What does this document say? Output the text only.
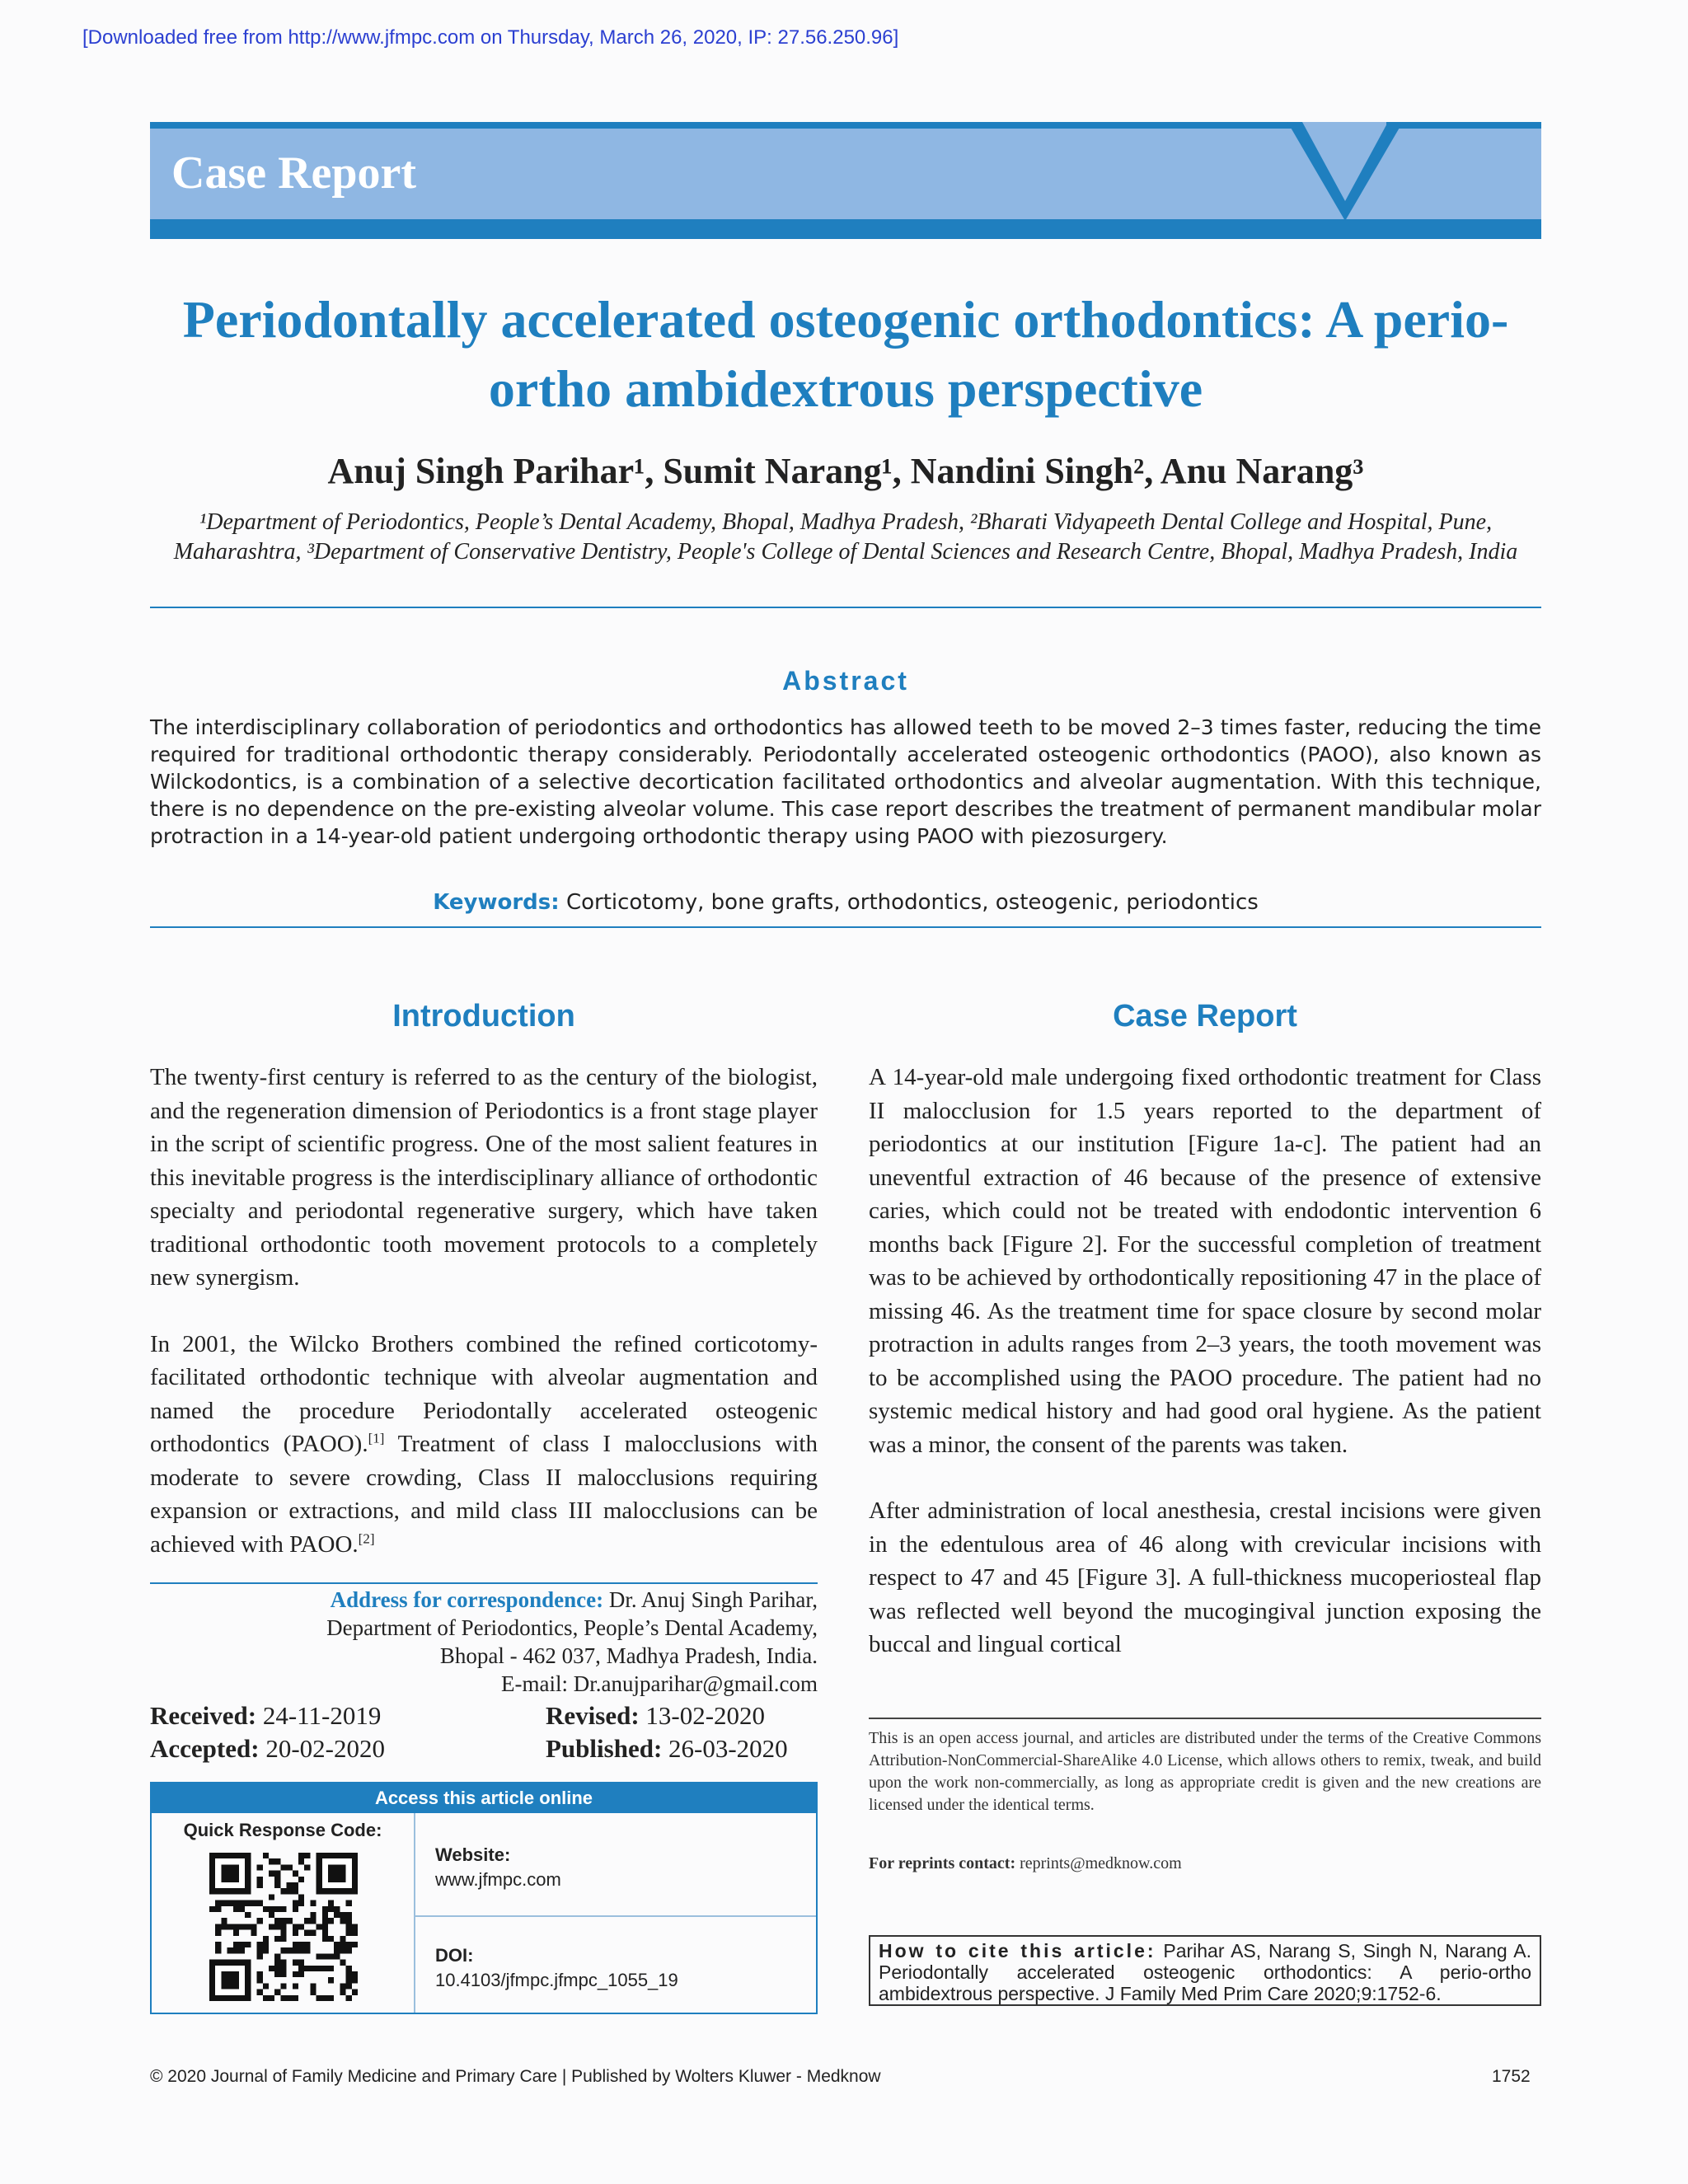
[Downloaded free from http://www.jfmpc.com on Thursday, March 26, 2020, IP: 27.56.250.96]
Case Report
Periodontally accelerated osteogenic orthodontics: A perio-ortho ambidextrous perspective
Anuj Singh Parihar¹, Sumit Narang¹, Nandini Singh², Anu Narang³
¹Department of Periodontics, People’s Dental Academy, Bhopal, Madhya Pradesh, ²Bharati Vidyapeeth Dental College and Hospital, Pune, Maharashtra, ³Department of Conservative Dentistry, People's College of Dental Sciences and Research Centre, Bhopal, Madhya Pradesh, India
Abstract
The interdisciplinary collaboration of periodontics and orthodontics has allowed teeth to be moved 2–3 times faster, reducing the time required for traditional orthodontic therapy considerably. Periodontally accelerated osteogenic orthodontics (PAOO), also known as Wilckodontics, is a combination of a selective decortication facilitated orthodontics and alveolar augmentation. With this technique, there is no dependence on the pre-existing alveolar volume. This case report describes the treatment of permanent mandibular molar protraction in a 14-year-old patient undergoing orthodontic therapy using PAOO with piezosurgery.
Keywords: Corticotomy, bone grafts, orthodontics, osteogenic, periodontics
Introduction	Case Report

The twenty-first century is referred to as the century of the biologist, and the regeneration dimension of Periodontics is a front stage player in the script of scientific progress. One of the most salient features in this inevitable progress is the interdisciplinary alliance of orthodontic specialty and periodontal regenerative surgery, which have taken traditional orthodontic tooth movement protocols to a completely new synergism.

In 2001, the Wilcko Brothers combined the refined corticotomy-facilitated orthodontic technique with alveolar augmentation and named the procedure Periodontally accelerated osteogenic orthodontics (PAOO).[1] Treatment of class I malocclusions with moderate to severe crowding, Class II malocclusions requiring expansion or extractions, and mild class III malocclusions can be achieved with PAOO.[2]

A 14-year-old male undergoing fixed orthodontic treatment for Class II malocclusion for 1.5 years reported to the department of periodontics at our institution [Figure 1a-c]. The patient had an uneventful extraction of 46 because of the presence of extensive caries, which could not be treated with endodontic intervention 6 months back [Figure 2]. For the successful completion of treatment was to be achieved by orthodontically repositioning 47 in the place of missing 46. As the treatment time for space closure by second molar protraction in adults ranges from 2–3 years, the tooth movement was to be accomplished using the PAOO procedure. The patient had no systemic medical history and had good oral hygiene. As the patient was a minor, the consent of the parents was taken.

After administration of local anesthesia, crestal incisions were given in the edentulous area of 46 along with crevicular incisions with respect to 47 and 45 [Figure 3]. A full-thickness mucoperiosteal flap was reflected well beyond the mucogingival junction exposing the buccal and lingual cortical

Address for correspondence: Dr. Anuj Singh Parihar,
Department of Periodontics, People’s Dental Academy,
Bhopal - 462 037, Madhya Pradesh, India.
E-mail: Dr.anujparihar@gmail.com
Received: 24-11-2019	Revised: 13-02-2020
Accepted: 20-02-2020	Published: 26-03-2020
Access this article online
Quick Response Code:
Website:
www.jfmpc.com
DOI:
10.4103/jfmpc.jfmpc_1055_19
This is an open access journal, and articles are distributed under the terms of the Creative Commons Attribution-NonCommercial-ShareAlike 4.0 License, which allows others to remix, tweak, and build upon the work non-commercially, as long as appropriate credit is given and the new creations are licensed under the identical terms.
For reprints contact: reprints@medknow.com
How to cite this article: Parihar AS, Narang S, Singh N, Narang A. Periodontally accelerated osteogenic orthodontics: A perio-ortho ambidextrous perspective. J Family Med Prim Care 2020;9:1752-6.
© 2020 Journal of Family Medicine and Primary Care | Published by Wolters Kluwer - Medknow	1752
